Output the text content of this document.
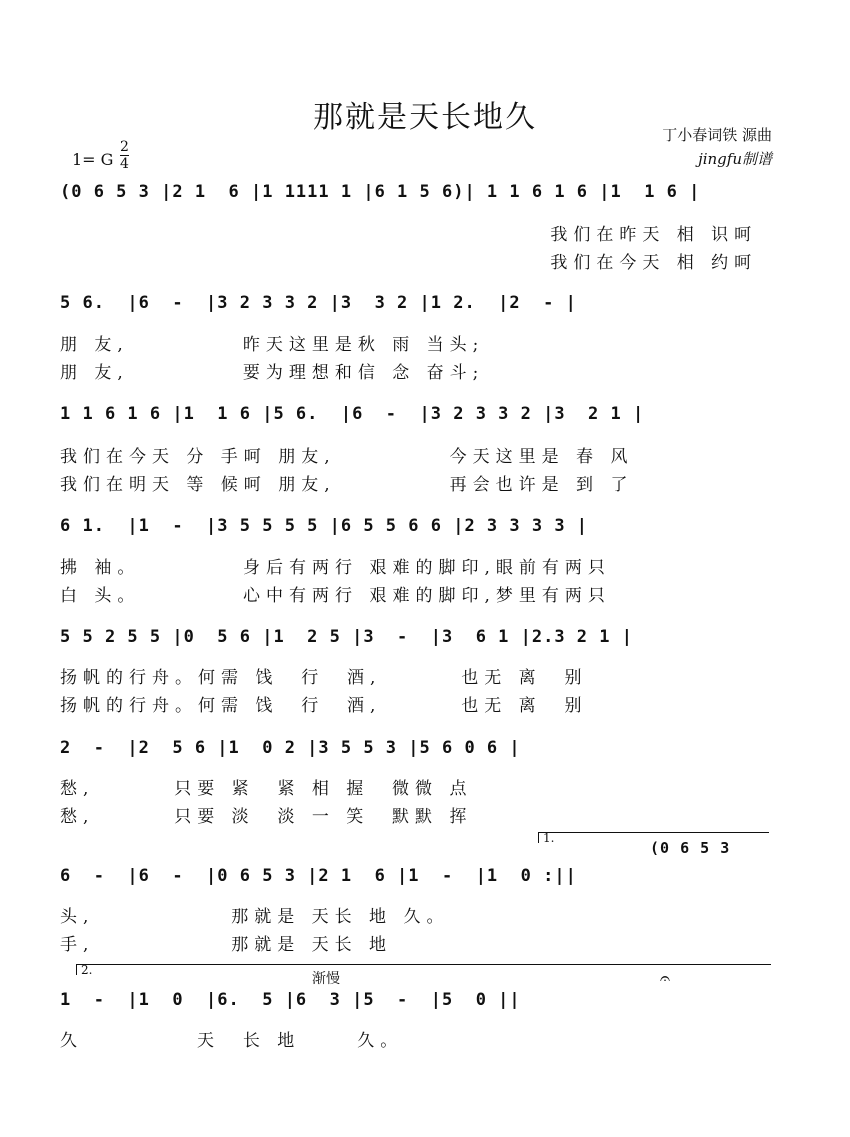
那就是天长地久	丁小春词铁 源曲
jingfu制谱
1= G
2
4
(0 6 5 3 |2 1  6 |1 1111 1 |6 1 5 6)| 1 1 6 1 6 |1  1 6 |
我们在昨天 相 识呵
我们在今天 相 约呵
5 6.  |6  -  |3 2 3 3 2 |3  3 2 |1 2.  |2  - |
朋 友,          昨天这里是秋 雨 当头;
朋 友,          要为理想和信 念 奋斗;
1 1 6 1 6 |1  1 6 |5 6.  |6  -  |3 2 3 3 2 |3  2 1 |
我们在今天 分 手呵 朋友,          今天这里是 春 风
我们在明天 等 候呵 朋友,          再会也许是 到 了
6 1.  |1  -  |3 5 5 5 5 |6 5 5 6 6 |2 3 3 3 3 |
拂 袖。         身后有两行 艰难的脚印,眼前有两只
白 头。         心中有两行 艰难的脚印,梦里有两只
5 5 2 5 5 |0  5 6 |1  2 5 |3  -  |3  6 1 |2.3 2 1 |
扬帆的行舟。何需 饯  行  酒,       也无 离  别
扬帆的行舟。何需 饯  行  酒,       也无 离  别
2  -  |2  5 6 |1  0 2 |3 5 5 3 |5 6 0 6 |
愁,       只要 紧  紧 相 握  微微 点
愁,       只要 淡  淡 一 笑  默默 挥
1.
(0 6 5 3
6  -  |6  -  |0 6 5 3 |2 1  6 |1  -  |1  0 :||
头,            那就是 天长 地 久。
手,            那就是 天长 地
2.
渐慢	𝄐
1  -  |1  0  |6.  5 |6  3 |5  -  |5  0 ||
久          天  长 地     久。
